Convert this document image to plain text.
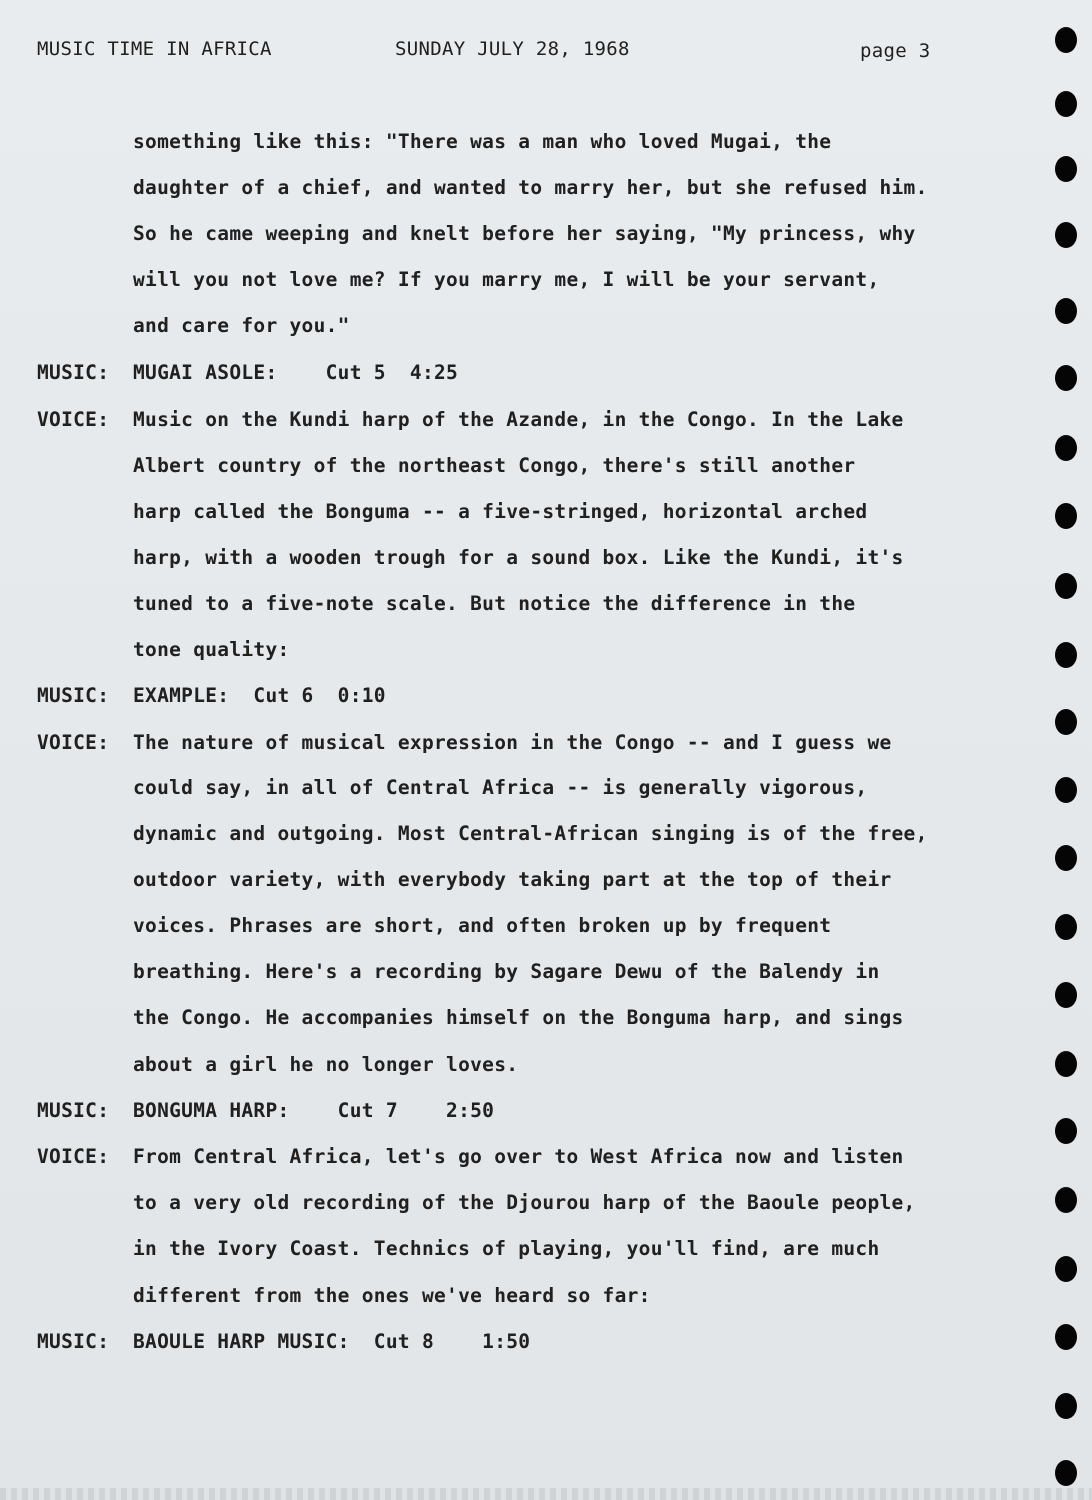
MUSIC TIME IN AFRICA	SUNDAY JULY 28, 1968	page 3
something like this: "There was a man who loved Mugai, the
daughter of a chief, and wanted to marry her, but she refused him.
So he came weeping and knelt before her saying, "My princess, why
will you not love me? If you marry me, I will be your servant,
and care for you."
MUSIC: MUGAI ASOLE:    Cut 5  4:25
VOICE: Music on the Kundi harp of the Azande, in the Congo. In the Lake
Albert country of the northeast Congo, there's still another
harp called the Bonguma -- a five-stringed, horizontal arched
harp, with a wooden trough for a sound box. Like the Kundi, it's
tuned to a five-note scale. But notice the difference in the
tone quality:
MUSIC: EXAMPLE:  Cut 6  0:10
VOICE: The nature of musical expression in the Congo -- and I guess we
could say, in all of Central Africa -- is generally vigorous,
dynamic and outgoing. Most Central-African singing is of the free,
outdoor variety, with everybody taking part at the top of their
voices. Phrases are short, and often broken up by frequent
breathing. Here's a recording by Sagare Dewu of the Balendy in
the Congo. He accompanies himself on the Bonguma harp, and sings
about a girl he no longer loves.
MUSIC: BONGUMA HARP:    Cut 7    2:50
VOICE: From Central Africa, let's go over to West Africa now and listen
to a very old recording of the Djourou harp of the Baoule people,
in the Ivory Coast. Technics of playing, you'll find, are much
different from the ones we've heard so far:
MUSIC: BAOULE HARP MUSIC:  Cut 8    1:50
